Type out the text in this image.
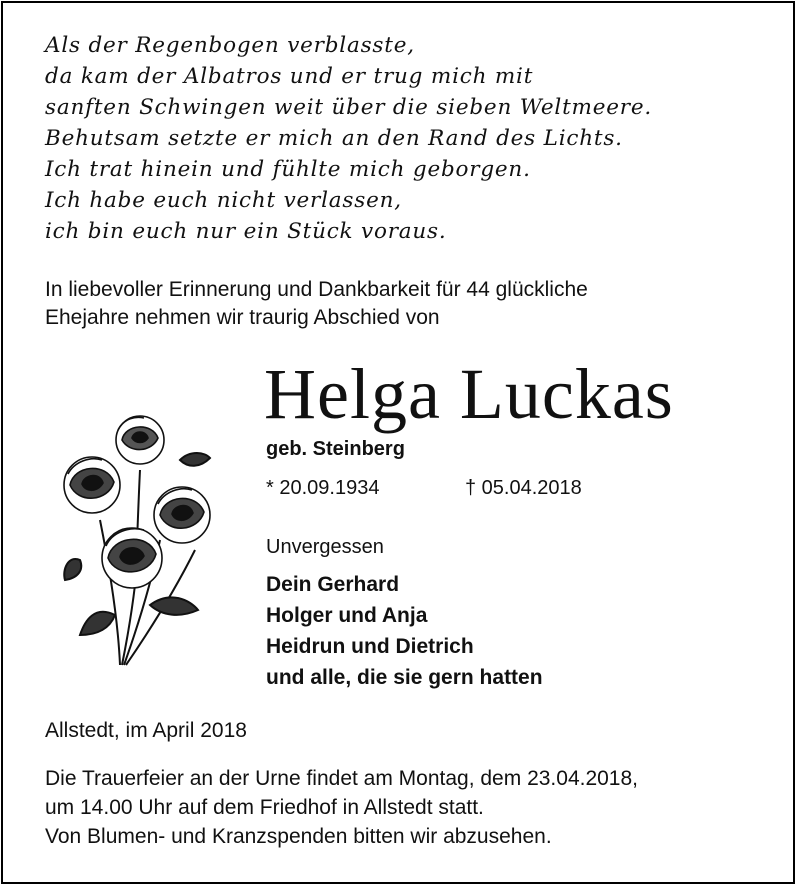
Als der Regenbogen verblasste,
da kam der Albatros und er trug mich mit
sanften Schwingen weit über die sieben Weltmeere.
Behutsam setzte er mich an den Rand des Lichts.
Ich trat hinein und fühlte mich geborgen.
Ich habe euch nicht verlassen,
ich bin euch nur ein Stück voraus.
In liebevoller Erinnerung und Dankbarkeit für 44 glückliche
Ehejahre nehmen wir traurig Abschied von
Helga Luckas
geb. Steinberg
* 20.09.1934	† 05.04.2018
Unvergessen
Dein Gerhard
Holger und Anja
Heidrun und Dietrich
und alle, die sie gern hatten
Allstedt, im April 2018
Die Trauerfeier an der Urne findet am Montag, dem 23.04.2018,
um 14.00 Uhr auf dem Friedhof in Allstedt statt.
Von Blumen- und Kranzspenden bitten wir abzusehen.
